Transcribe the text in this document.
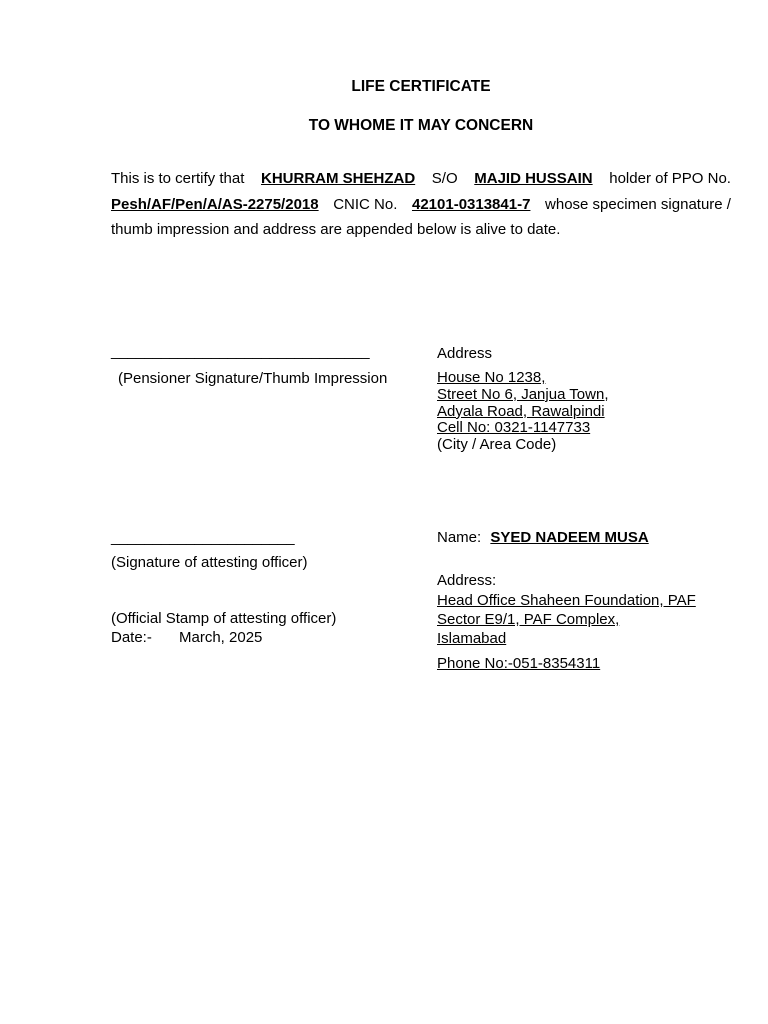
LIFE CERTIFICATE
TO WHOME IT MAY CONCERN
This is to certify that KHURRAM SHEHZAD S/O MAJID HUSSAIN holder of PPO No.
Pesh/AF/Pen/A/AS-2275/2018 CNIC No. 42101-0313841-7 whose specimen signature /
thumb impression and address are appended below is alive to date.
_______________________________
(Pensioner Signature/Thumb Impression
Address
House No 1238,
Street No 6, Janjua Town,
Adyala Road, Rawalpindi
Cell No: 0321-1147733
(City / Area Code)
______________________
(Signature of attesting officer)
(Official Stamp of attesting officer)
Date:- March, 2025
Name: SYED NADEEM MUSA
Address:
Head Office Shaheen Foundation, PAF
Sector E9/1, PAF Complex,
Islamabad
Phone No:-051-8354311
